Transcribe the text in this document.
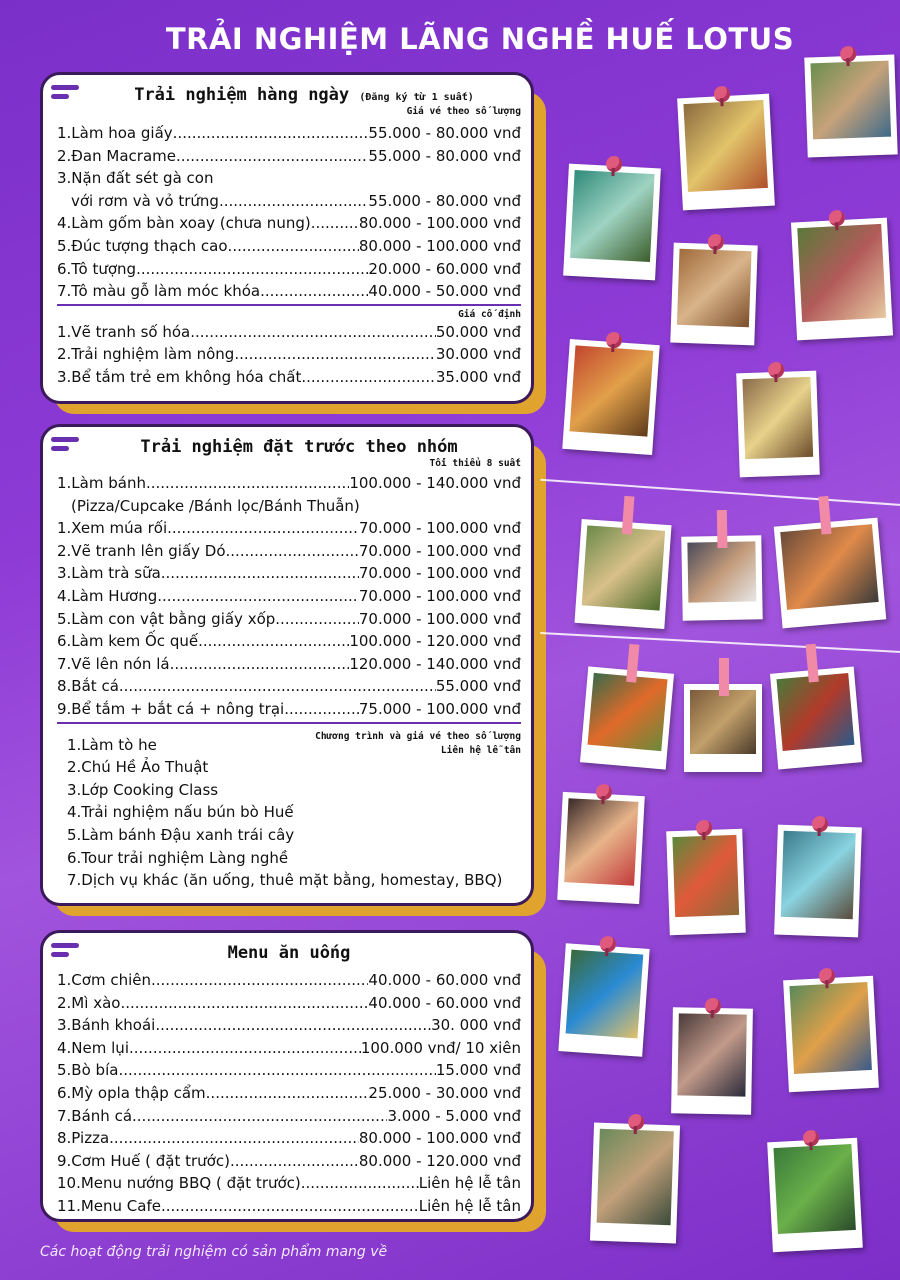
TRẢI NGHIỆM LÃNG NGHỀ HUẾ LOTUS
Trải nghiệm hàng ngày (Đăng ký từ 1 suất)
Giá vé theo số lượng
1.Làm hoa giấy .....	55.000 - 80.000 vnđ
2.Đan Macrame .....	55.000 - 80.000 vnđ
3.Nặn đất sét gà con
với rơm và vỏ trứng .....	55.000 - 80.000 vnđ
4.Làm gốm bàn xoay (chưa nung) .....	80.000 - 100.000 vnđ
5.Đúc tượng thạch cao .....	80.000 - 100.000 vnđ
6.Tô tượng .....	20.000 - 60.000 vnđ
7.Tô màu gỗ làm móc khóa .....	40.000 - 50.000 vnđ
Giá cố định
1.Vẽ tranh số hóa .....	50.000 vnđ
2.Trải nghiệm làm nông .....	30.000 vnđ
3.Bể tắm trẻ em không hóa chất .....	35.000 vnđ
Trải nghiệm đặt trước theo nhóm
Tối thiểu 8 suất
1.Làm bánh .....	100.000 - 140.000 vnđ
(Pizza/Cupcake /Bánh lọc/Bánh Thuẫn)
1.Xem múa rối .....	70.000 - 100.000 vnđ
2.Vẽ tranh lên giấy Dó .....	70.000 - 100.000 vnđ
3.Làm trà sữa .....	70.000 - 100.000 vnđ
4.Làm Hương .....	70.000 - 100.000 vnđ
5.Làm con vật bằng giấy xốp .....	70.000 - 100.000 vnđ
6.Làm kem Ốc quế .....	100.000 - 120.000 vnđ
7.Vẽ lên nón lá .....	120.000 - 140.000 vnđ
8.Bắt cá .....	55.000 vnđ
9.Bể tắm + bắt cá + nông trại .....	75.000 - 100.000 vnđ
Chương trình và giá vé theo số lượng
Liên hệ lễ tân
1.Làm tò he
2.Chú Hề Ảo Thuật
3.Lớp Cooking Class
4.Trải nghiệm nấu bún bò Huế
5.Làm bánh Đậu xanh trái cây
6.Tour trải nghiệm Làng nghề
7.Dịch vụ khác (ăn uống, thuê mặt bằng, homestay, BBQ)
Menu ăn uống
1.Cơm chiên .....	40.000 - 60.000 vnđ
2.Mì xào .....	40.000 - 60.000 vnđ
3.Bánh khoái .....	30. 000 vnđ
4.Nem lụi .....	100.000 vnđ/ 10 xiên
5.Bò bía .....	15.000 vnđ
6.Mỳ opla thập cẩm .....	25.000 - 30.000 vnđ
7.Bánh cá .....	3.000 - 5.000 vnđ
8.Pizza .....	80.000 - 100.000 vnđ
9.Cơm Huế ( đặt trước) .....	80.000 - 120.000 vnđ
10.Menu nướng BBQ ( đặt trước) .....	Liên hệ lễ tân
11.Menu Cafe .....	Liên hệ lễ tân
Các hoạt động trải nghiệm có sản phẩm mang về
